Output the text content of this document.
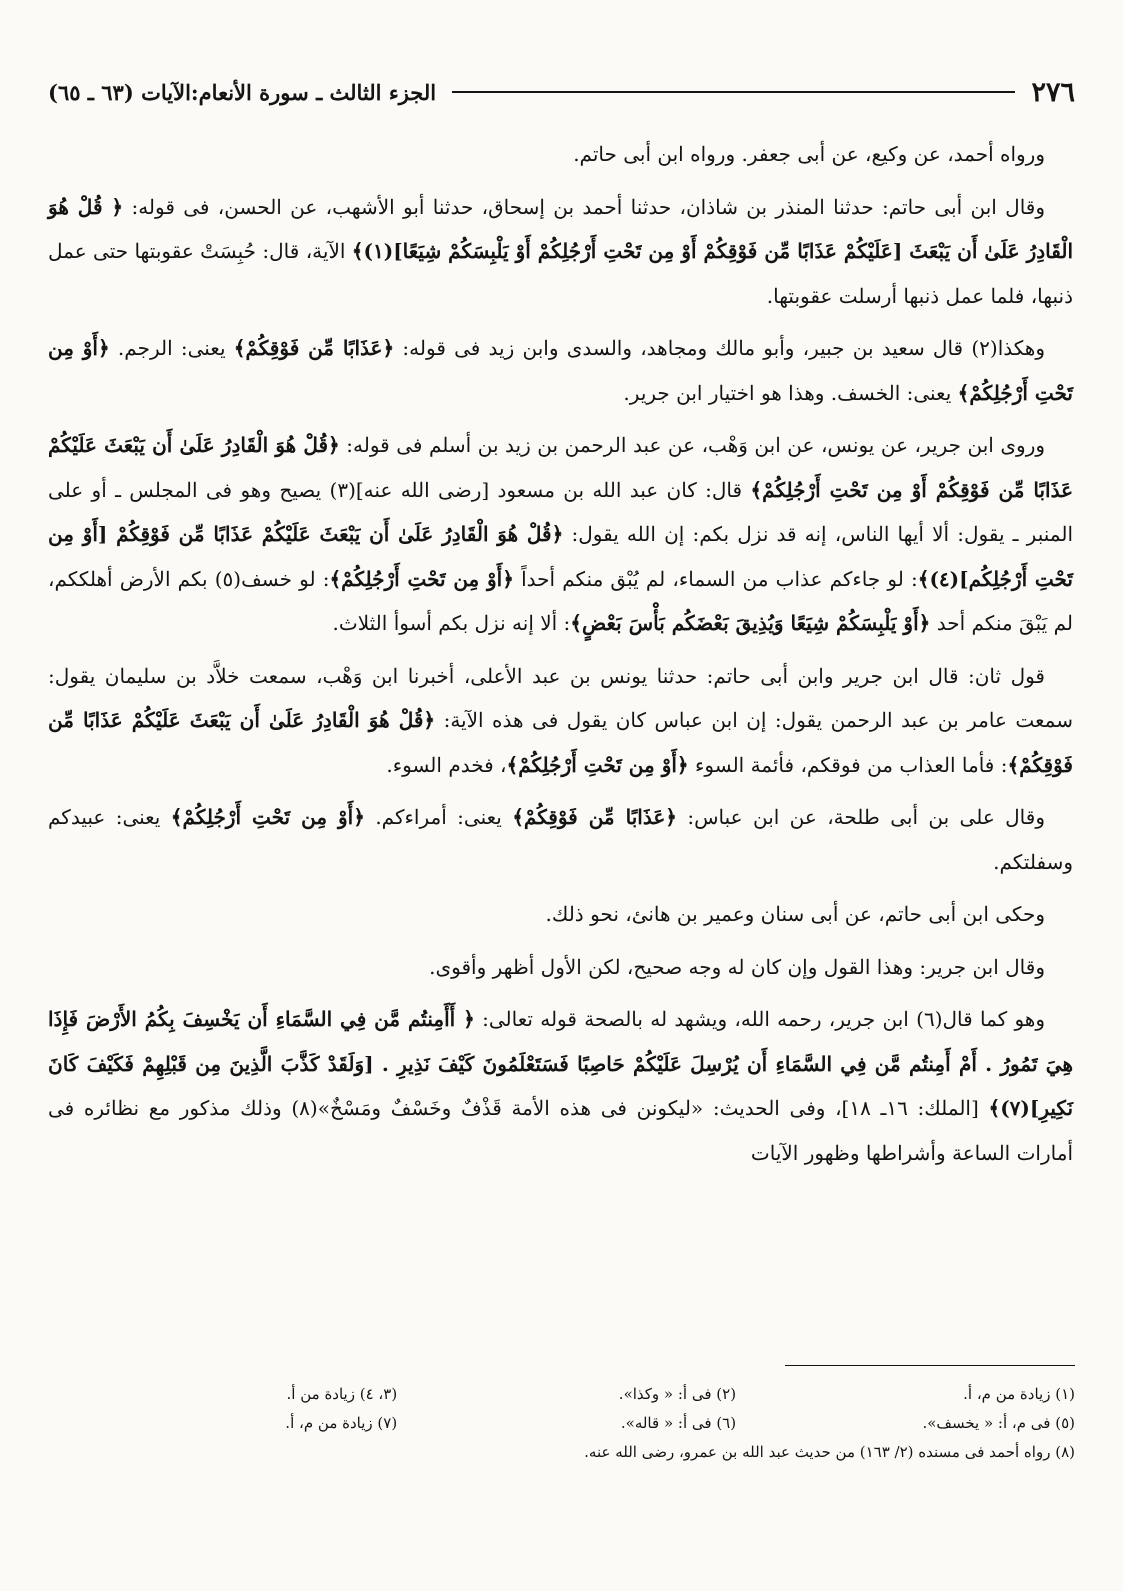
٢٧٦
الجزء الثالث ـ سورة الأنعام:الآيات (٦٣ ـ ٦٥)

ورواه أحمد، عن وكيع، عن أبى جعفر. ورواه ابن أبى حاتم.

وقال ابن أبى حاتم: حدثنا المنذر بن شاذان، حدثنا أحمد بن إسحاق، حدثنا أبو الأشهب، عن الحسن، فى قوله: ﴿ قُلْ هُوَ الْقَادِرُ عَلَىٰ أَن يَبْعَثَ [عَلَيْكُمْ عَذَابًا مِّن فَوْقِكُمْ أَوْ مِن تَحْتِ أَرْجُلِكُمْ أَوْ يَلْبِسَكُمْ شِيَعًا](١)﴾ الآية، قال: حُبِسَتْ عقوبتها حتى عمل ذنبها، فلما عمل ذنبها أرسلت عقوبتها.

وهكذا(٢) قال سعيد بن جبير، وأبو مالك ومجاهد، والسدى وابن زيد فى قوله: ﴿عَذَابًا مِّن فَوْقِكُمْ﴾ يعنى: الرجم. ﴿أَوْ مِن تَحْتِ أَرْجُلِكُمْ﴾ يعنى: الخسف. وهذا هو اختيار ابن جرير.

وروى ابن جرير، عن يونس، عن ابن وَهْب، عن عبد الرحمن بن زيد بن أسلم فى قوله: ﴿قُلْ هُوَ الْقَادِرُ عَلَىٰ أَن يَبْعَثَ عَلَيْكُمْ عَذَابًا مِّن فَوْقِكُمْ أَوْ مِن تَحْتِ أَرْجُلِكُمْ﴾ قال: كان عبد الله بن مسعود [رضى الله عنه](٣) يصيح وهو فى المجلس ـ أو على المنبر ـ يقول: ألا أيها الناس، إنه قد نزل بكم: إن الله يقول: ﴿قُلْ هُوَ الْقَادِرُ عَلَىٰ أَن يَبْعَثَ عَلَيْكُمْ عَذَابًا مِّن فَوْقِكُمْ [أَوْ مِن تَحْتِ أَرْجُلِكُم](٤)﴾: لو جاءكم عذاب من السماء، لم يُبْق منكم أحداً ﴿أَوْ مِن تَحْتِ أَرْجُلِكُمْ﴾: لو خسف(٥) بكم الأرض أهلككم، لم يَبْقَ منكم أحد ﴿أَوْ يَلْبِسَكُمْ شِيَعًا وَيُذِيقَ بَعْضَكُم بَأْسَ بَعْضٍ﴾: ألا إنه نزل بكم أسوأ الثلاث.

قول ثان: قال ابن جرير وابن أبى حاتم: حدثنا يونس بن عبد الأعلى، أخبرنا ابن وَهْب، سمعت خلاَّد بن سليمان يقول: سمعت عامر بن عبد الرحمن يقول: إن ابن عباس كان يقول فى هذه الآية: ﴿قُلْ هُوَ الْقَادِرُ عَلَىٰ أَن يَبْعَثَ عَلَيْكُمْ عَذَابًا مِّن فَوْقِكُمْ﴾: فأما العذاب من فوقكم، فأئمة السوء ﴿أَوْ مِن تَحْتِ أَرْجُلِكُمْ﴾، فخدم السوء.

وقال على بن أبى طلحة، عن ابن عباس: ﴿عَذَابًا مِّن فَوْقِكُمْ﴾ يعنى: أمراءكم. ﴿أَوْ مِن تَحْتِ أَرْجُلِكُمْ﴾ يعنى: عبيدكم وسفلتكم.

وحكى ابن أبى حاتم، عن أبى سنان وعمير بن هانئ، نحو ذلك.

وقال ابن جرير: وهذا القول وإن كان له وجه صحيح، لكن الأول أظهر وأقوى.

وهو كما قال(٦) ابن جرير، رحمه الله، ويشهد له بالصحة قوله تعالى: ﴿ أَأَمِنتُم مَّن فِي السَّمَاءِ أَن يَخْسِفَ بِكُمُ الأَرْضَ فَإِذَا هِيَ تَمُورُ . أَمْ أَمِنتُم مَّن فِي السَّمَاءِ أَن يُرْسِلَ عَلَيْكُمْ حَاصِبًا فَسَتَعْلَمُونَ كَيْفَ نَذِيرِ . [وَلَقَدْ كَذَّبَ الَّذِينَ مِن قَبْلِهِمْ فَكَيْفَ كَانَ نَكِيرِ](٧)﴾ [الملك: ١٦ـ ١٨]، وفى الحديث: «ليكونن فى هذه الأمة قَذْفٌ وخَسْفٌ ومَسْخٌ»(٨) وذلك مذكور مع نظائره فى أمارات الساعة وأشراطها وظهور الآيات

(١) زيادة من م، أ.
(٢) فى أ: « وكذا».
(٣، ٤) زيادة من أ.
(٥) فى م، أ: « يخسف».
(٦) فى أ: « قاله».
(٧) زيادة من م، أ.
(٨) رواه أحمد فى مسنده (٢/ ١٦٣) من حديث عبد الله بن عمرو، رضى الله عنه.
